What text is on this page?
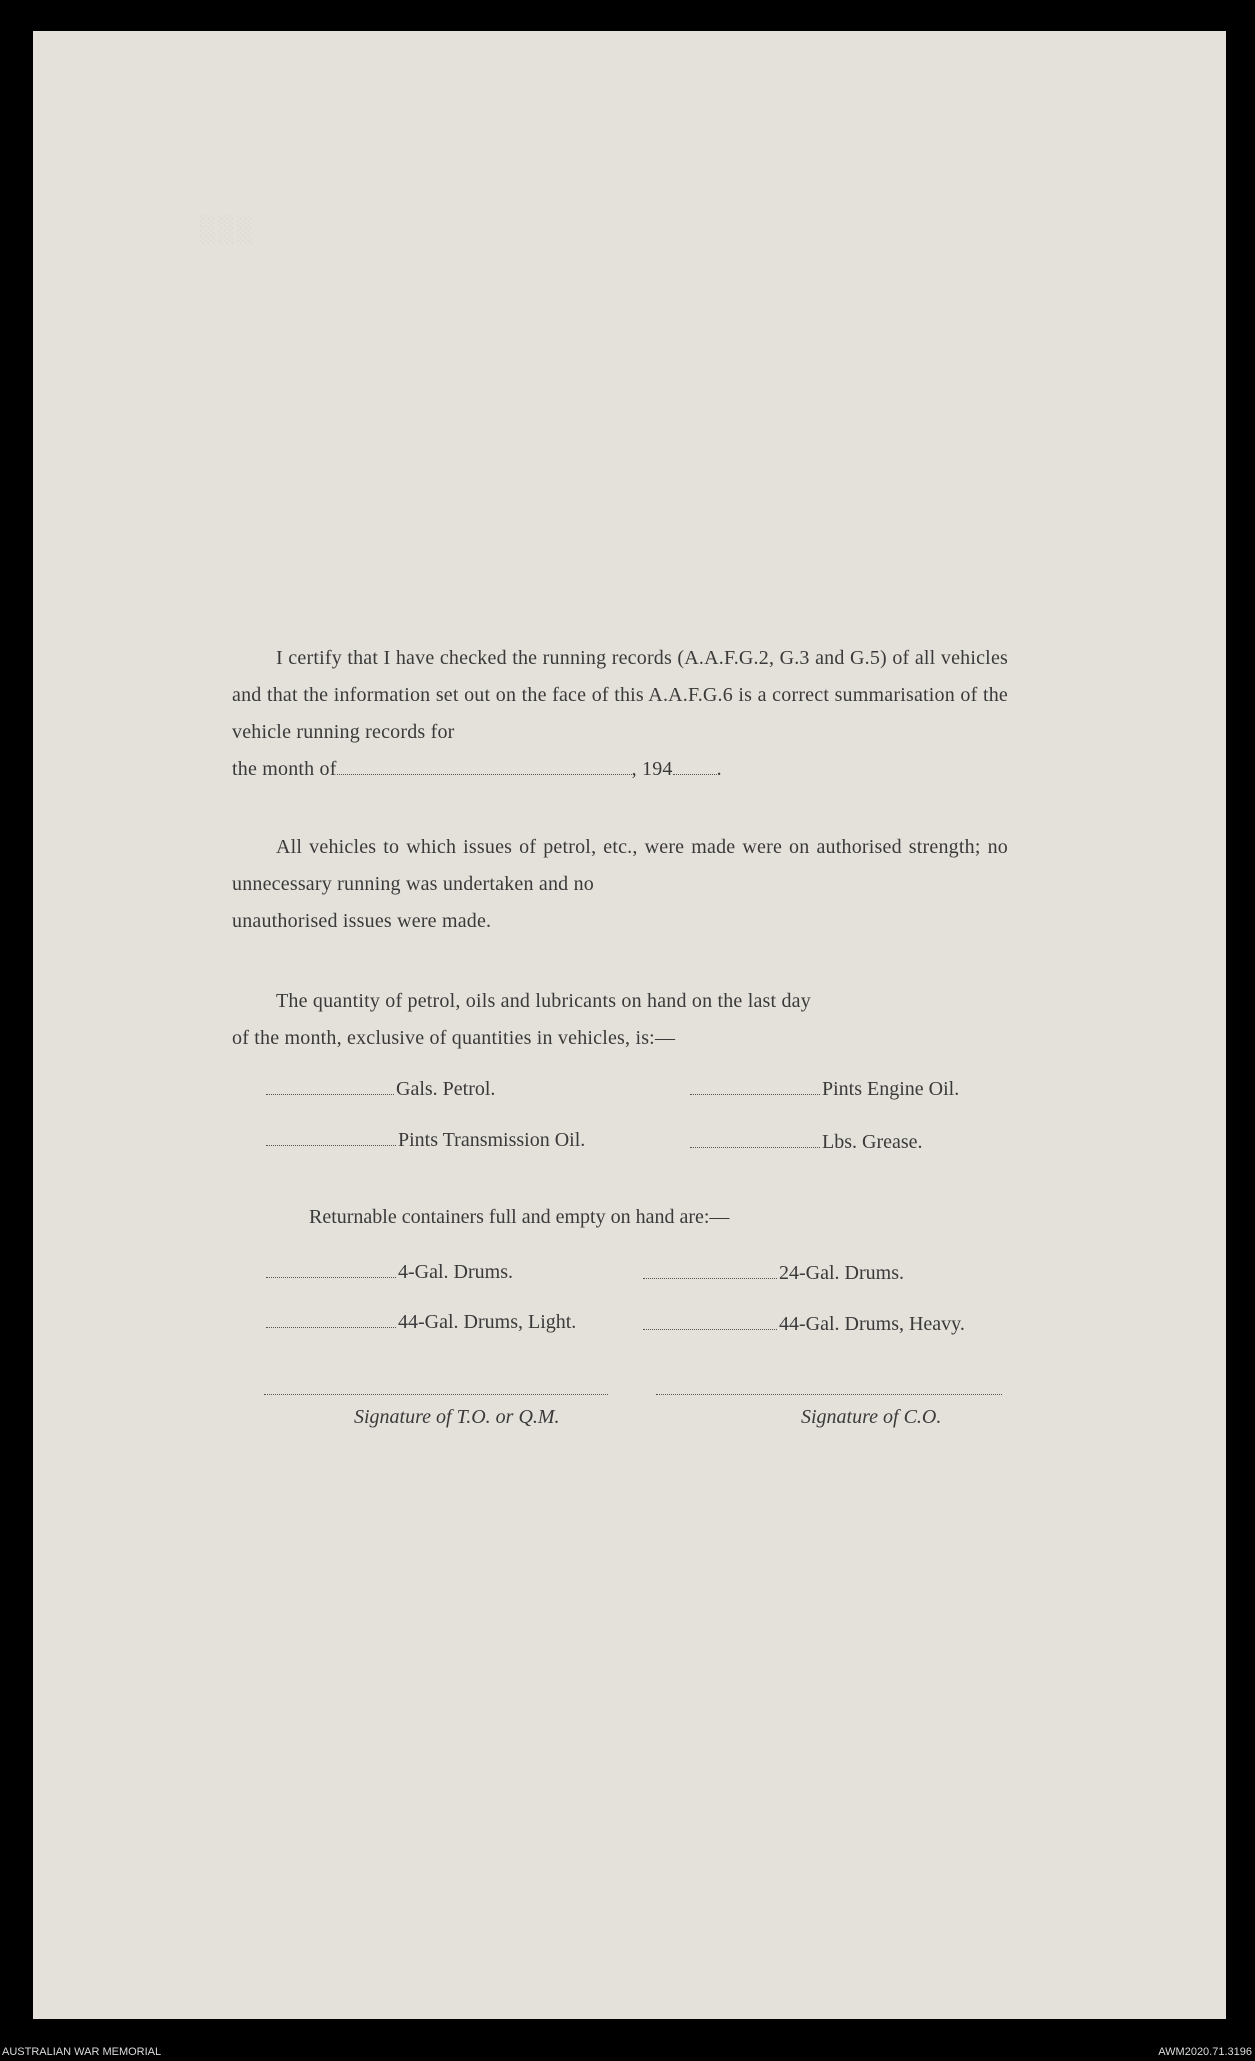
░░░

I certify that I have checked the running records (A.A.F.G.2, G.3 and G.5) of all vehicles and that the information set out on the face of this A.A.F.G.6 is a correct summarisation of the vehicle running records for
the month of	, 194 .

All vehicles to which issues of petrol, etc., were made were on authorised strength; no unnecessary running was undertaken and no
unauthorised issues were made.

The quantity of petrol, oils and lubricants on hand on the last day
of the month, exclusive of quantities in vehicles, is:—

Gals. Petrol.	Pints Engine Oil.
Pints Transmission Oil.	Lbs. Grease.
Returnable containers full and empty on hand are:—
4-Gal. Drums.	24-Gal. Drums.
44-Gal. Drums, Light.	44-Gal. Drums, Heavy.
Signature of T.O. or Q.M.	Signature of C.O.
AUSTRALIAN WAR MEMORIAL	AWM2020.71.3196
